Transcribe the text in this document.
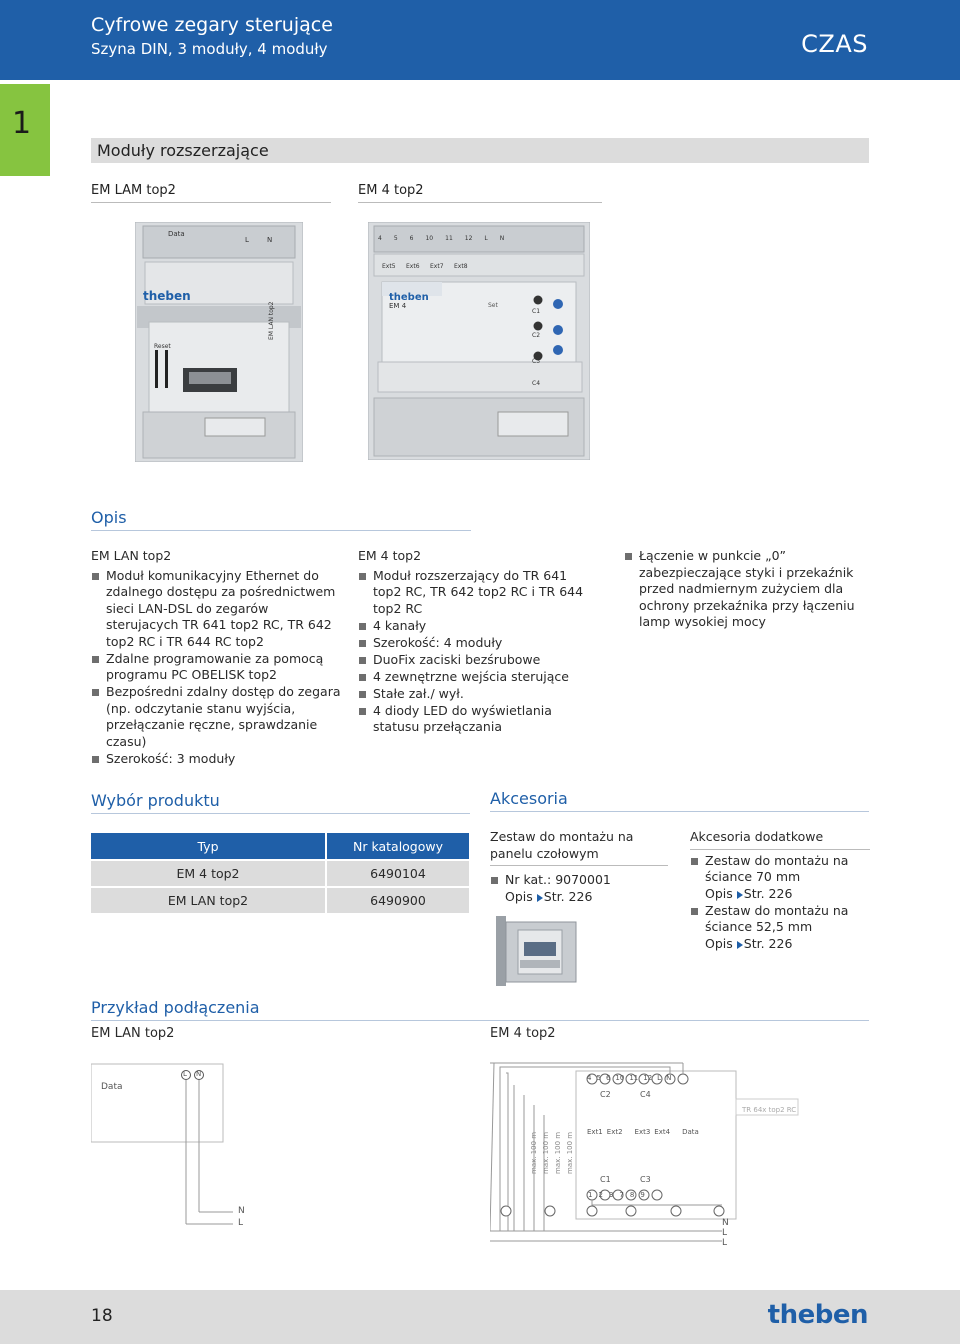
Cyfrowe zegary sterujące
Szyna DIN, 3 moduły, 4 moduły	CZAS
1
Moduły rozszerzające
EM LAM top2	EM 4 top2
Data
L	N
theben
Reset
EM LAN top2
theben
EM 4	Set
C1
C2
C3
C4
Ext5 Ext6 Ext7 Ext8
4 5 6 10 11 12 L N
Opis
EM LAN top2
Moduł komunikacyjny Ethernet do zdalnego dostępu za pośrednictwem sieci LAN-DSL do zegarów sterujacych TR 641 top2 RC, TR 642 top2 RC i TR 644 RC top2
Zdalne programowanie za pomocą programu PC OBELISK top2
Bezpośredni zdalny dostęp do zegara (np. odczytanie stanu wyjścia, przełączanie ręczne, sprawdzanie czasu)
Szerokość: 3 moduły
EM 4 top2
Moduł rozszerzający do TR 641 top2 RC, TR 642 top2 RC i TR 644 top2 RC
4 kanały
Szerokość: 4 moduły
DuoFix zaciski bezśrubowe
4 zewnętrzne wejścia sterujące
Stałe zał./ wył.
4 diody LED do wyświetlania statusu przełączania
Łączenie w punkcie „0” zabezpieczające styki i przekaźnik przed nadmiernym zużyciem dla ochrony przekaźnika przy łączeniu lamp wysokiej mocy
Wybór produktu
Typ	Nr katalogowy
EM 4 top2	6490104
EM LAN top2	6490900
Akcesoria
Zestaw do montażu na panelu czołowym
Nr kat.: 9070001
Opis Str. 226
Akcesoria dodatkowe
Zestaw do montażu na ściance 70 mm
Opis Str. 226
Zestaw do montażu na ściance 52,5 mm
Opis Str. 226
Przykład podłączenia
EM LAN top2	EM 4 top2
Data
L N
N
L
4 5 6 10 11 12 L N
C2	C4
TR 64x top2 RC
Ext1 Ext2 Ext3 Ext4 Data
C1	C3
1 2 3 7 8 9
max. 100 m max. 100 m max. 100 m max. 100 m
N
L
L
18	theben
